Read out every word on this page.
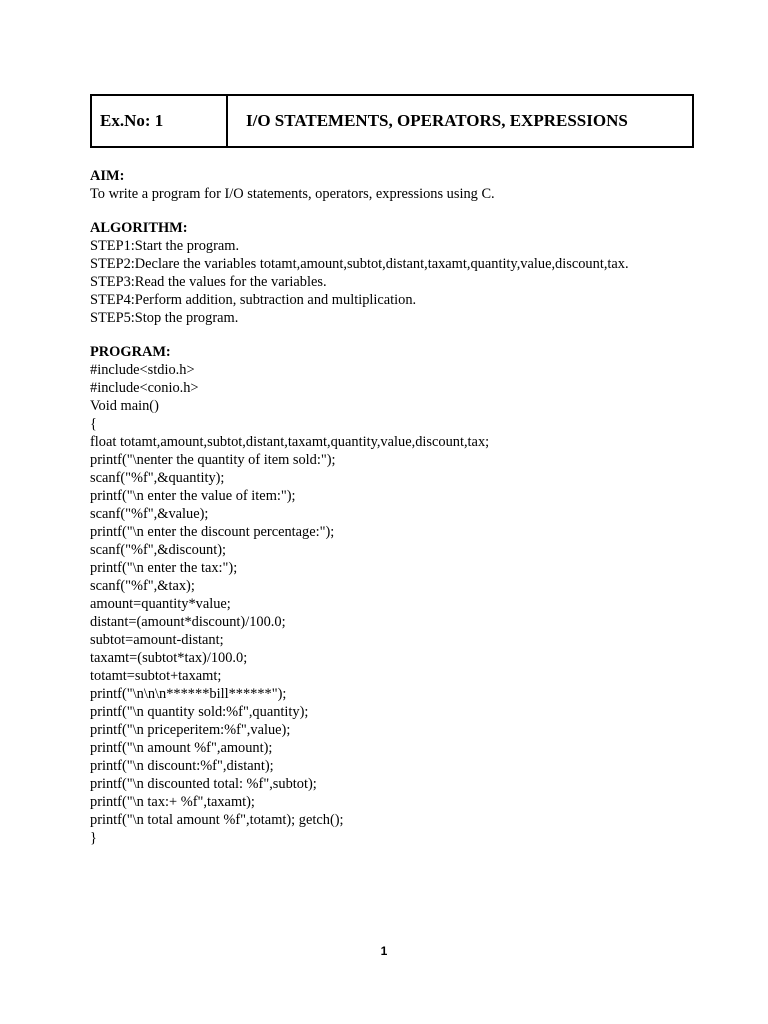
Ex.No: 1	I/O STATEMENTS, OPERATORS, EXPRESSIONS
AIM:
To write a program for I/O statements, operators, expressions using C.
ALGORITHM:
STEP1:Start the program.
STEP2:Declare the variables totamt,amount,subtot,distant,taxamt,quantity,value,discount,tax.
STEP3:Read the values for the variables.
STEP4:Perform addition, subtraction and multiplication.
STEP5:Stop the program.
PROGRAM:
#include<stdio.h>
#include<conio.h>
Void main()
{
float totamt,amount,subtot,distant,taxamt,quantity,value,discount,tax;
printf("\nenter the quantity of item sold:");
scanf("%f",&quantity);
printf("\n enter the value of item:");
scanf("%f",&value);
printf("\n enter the discount percentage:");
scanf("%f",&discount);
printf("\n enter the tax:");
scanf("%f",&tax);
amount=quantity*value;
distant=(amount*discount)/100.0;
subtot=amount-distant;
taxamt=(subtot*tax)/100.0;
totamt=subtot+taxamt;
printf("\n\n\n******bill******");
printf("\n quantity sold:%f",quantity);
printf("\n priceperitem:%f",value);
printf("\n amount %f",amount);
printf("\n discount:%f",distant);
printf("\n discounted total: %f",subtot);
printf("\n tax:+ %f",taxamt);
printf("\n total amount %f",totamt); getch();
}
1
